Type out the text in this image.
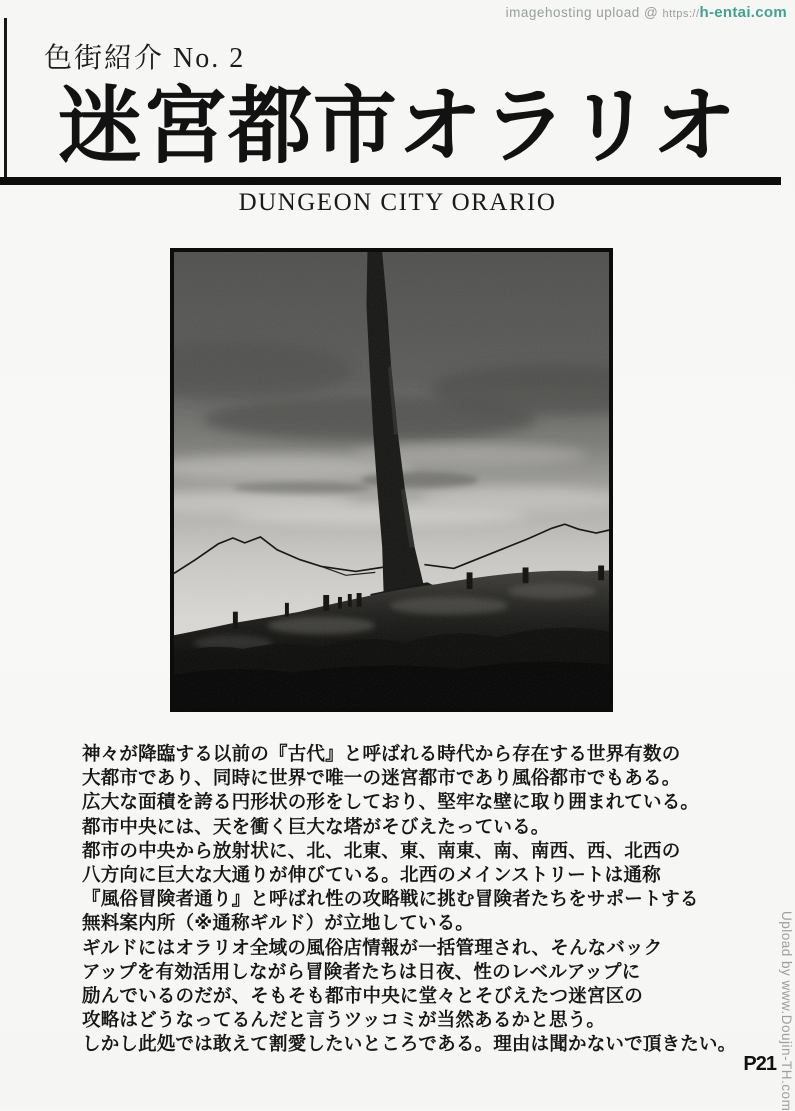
imagehosting upload @ https://h-entai.com
色街紹介 No. 2
迷宮都市オラリオ
DUNGEON CITY ORARIO
神々が降臨する以前の『古代』と呼ばれる時代から存在する世界有数の
大都市であり、同時に世界で唯一の迷宮都市であり風俗都市でもある。
広大な面積を誇る円形状の形をしており、堅牢な壁に取り囲まれている。
都市中央には、天を衝く巨大な塔がそびえたっている。
都市の中央から放射状に、北、北東、東、南東、南、南西、西、北西の
八方向に巨大な大通りが伸びている。北西のメインストリートは通称
『風俗冒険者通り』と呼ばれ性の攻略戦に挑む冒険者たちをサポートする
無料案内所（※通称ギルド）が立地している。
ギルドにはオラリオ全域の風俗店情報が一括管理され、そんなバック
アップを有効活用しながら冒険者たちは日夜、性のレベルアップに
励んでいるのだが、そもそも都市中央に堂々とそびえたつ迷宮区の
攻略はどうなってるんだと言うツッコミが当然あるかと思う。
しかし此処では敢えて割愛したいところである。理由は聞かないで頂きたい。
P21 Upload by www.Doujin-TH.com
